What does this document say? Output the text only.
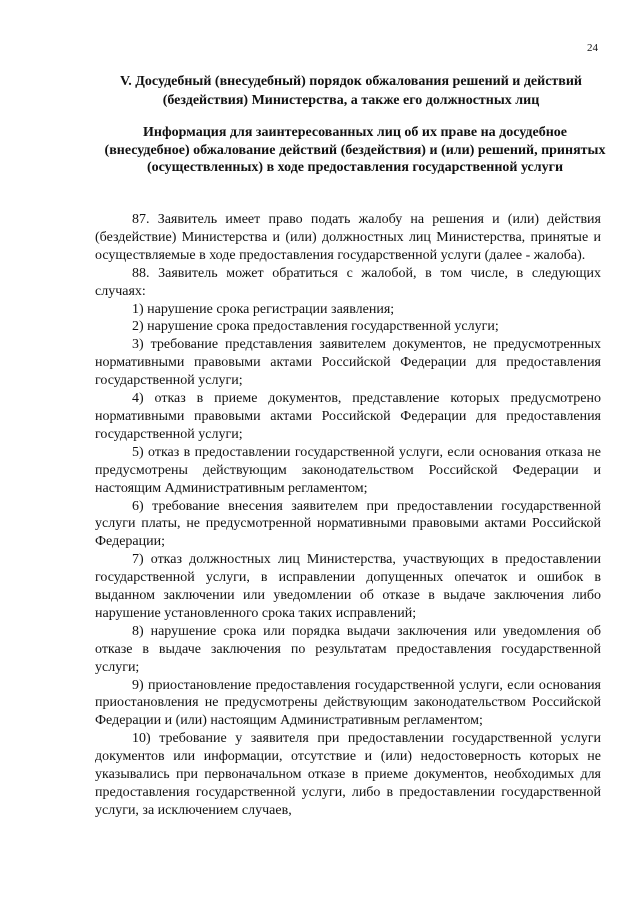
24
V. Досудебный (внесудебный) порядок обжалования решений и действий (бездействия) Министерства, а также его должностных лиц
Информация для заинтересованных лиц об их праве на досудебное (внесудебное) обжалование действий (бездействия) и (или) решений, принятых (осуществленных) в ходе предоставления государственной услуги

87. Заявитель имеет право подать жалобу на решения и (или) действия (бездействие) Министерства и (или) должностных лиц Министерства, принятые и осуществляемые в ходе предоставления государственной услуги (далее - жалоба).

88. Заявитель может обратиться с жалобой, в том числе, в следующих случаях:

1) нарушение срока регистрации заявления;

2) нарушение срока предоставления государственной услуги;

3) требование представления заявителем документов, не предусмотренных нормативными правовыми актами Российской Федерации для предоставления государственной услуги;

4) отказ в приеме документов, представление которых предусмотрено нормативными правовыми актами Российской Федерации для предоставления государственной услуги;

5) отказ в предоставлении государственной услуги, если основания отказа не предусмотрены действующим законодательством Российской Федерации и настоящим Административным регламентом;

6) требование внесения заявителем при предоставлении государственной услуги платы, не предусмотренной нормативными правовыми актами Российской Федерации;

7) отказ должностных лиц Министерства, участвующих в предоставлении государственной услуги, в исправлении допущенных опечаток и ошибок в выданном заключении или уведомлении об отказе в выдаче заключения либо нарушение установленного срока таких исправлений;

8) нарушение срока или порядка выдачи заключения или уведомления об отказе в выдаче заключения по результатам предоставления государственной услуги;

9) приостановление предоставления государственной услуги, если основания приостановления не предусмотрены действующим законодательством Российской Федерации и (или) настоящим Административным регламентом;

10) требование у заявителя при предоставлении государственной услуги документов или информации, отсутствие и (или) недостоверность которых не указывались при первоначальном отказе в приеме документов, необходимых для предоставления государственной услуги, либо в предоставлении государственной услуги, за исключением случаев,
